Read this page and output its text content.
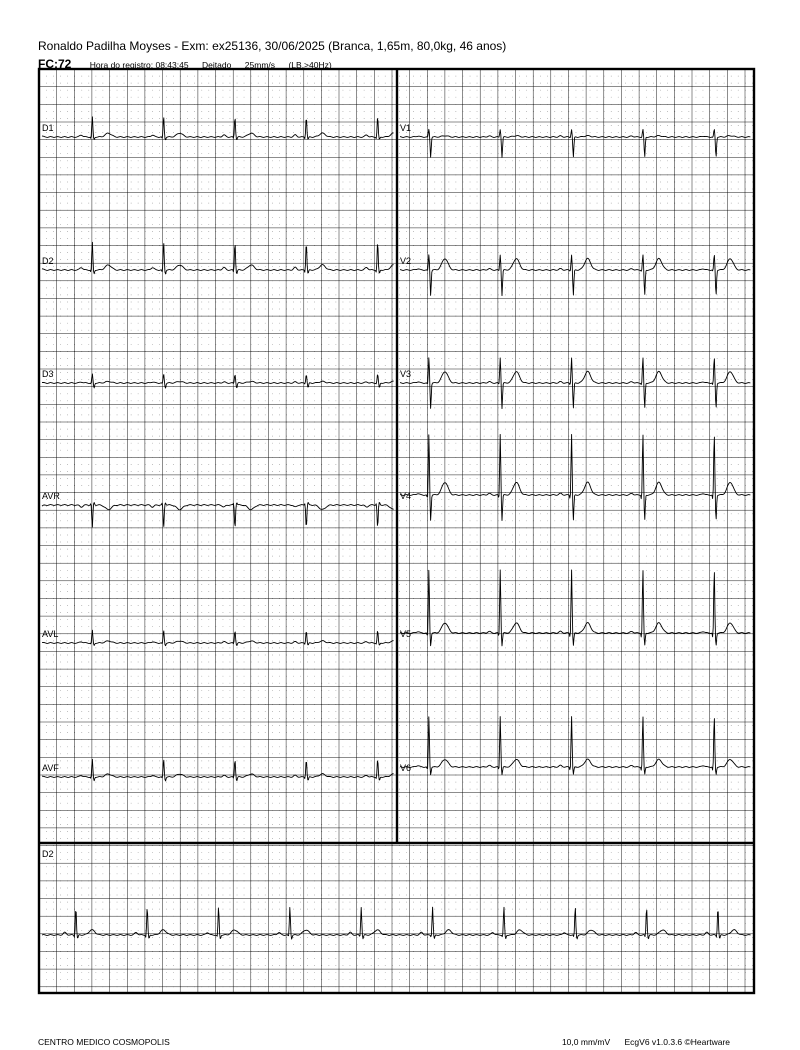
Ronaldo Padilha Moyses - Exm: ex25136, 30/06/2025 (Branca, 1,65m, 80,0kg, 46 anos)
FC:72 Hora do registro: 08:43:45 Deitado 25mm/s (LB,>40Hz)
D1	V1
D2	V2
D3	V3
AVR	V4
AVL	V5
AVF	V6
D2
CENTRO MEDICO COSMOPOLIS	10,0 mm/mV EcgV6 v1.0.3.6 ©Heartware
